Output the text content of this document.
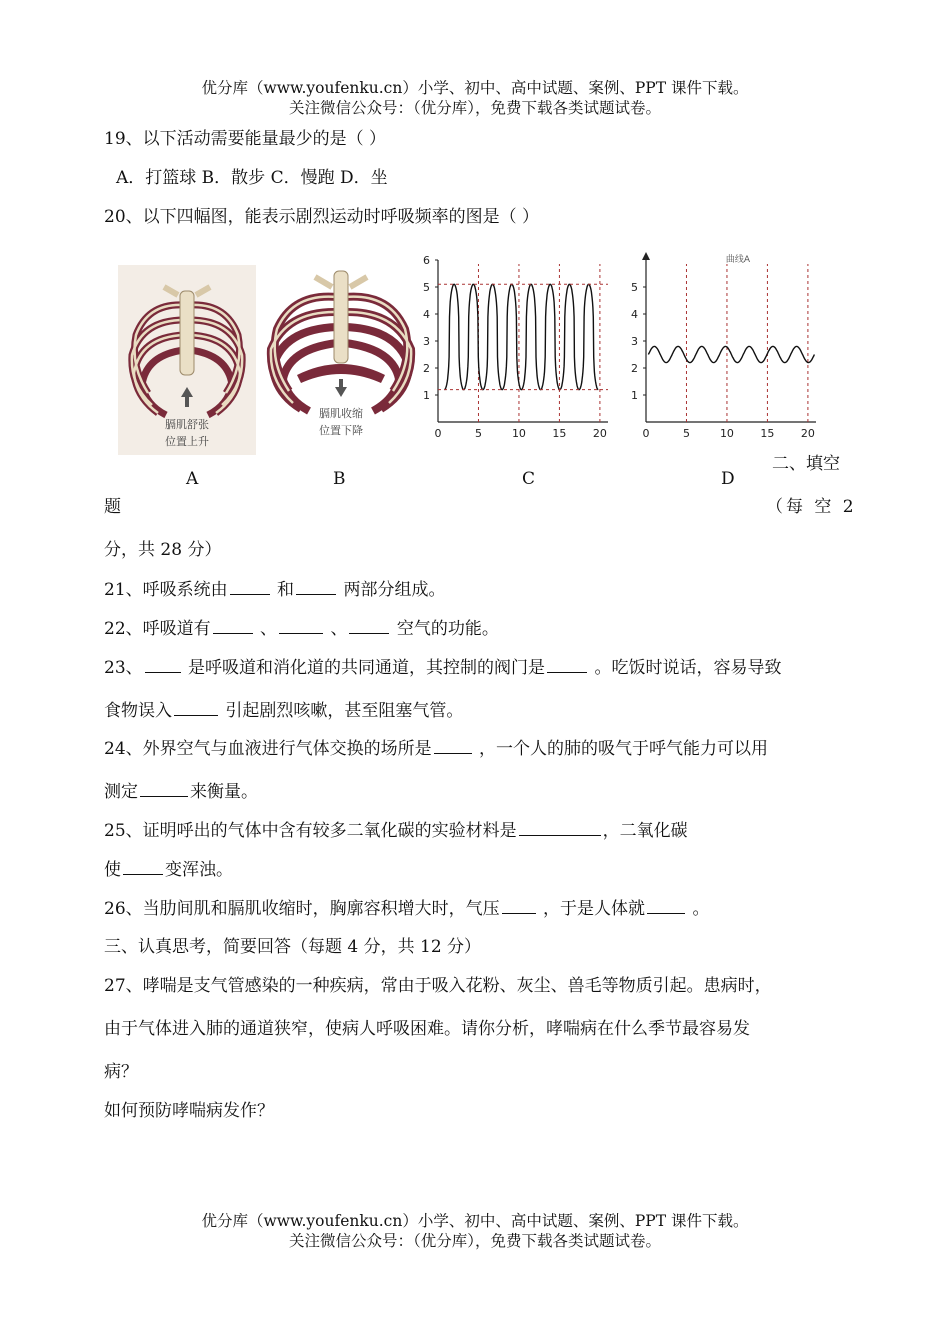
优分库（www.youfenku.cn）小学、初中、高中试题、案例、PPT 课件下载。
关注微信公众号：（优分库），免费下载各类试题试卷。
19、以下活动需要能量最少的是（ ）
A．打篮球 B．散步 C．慢跑 D．坐
20、以下四幅图，能表示剧烈运动时呼吸频率的图是（ ）
膈肌舒张
位置上升
膈肌收缩
位置下降	0	5	10 15 20
1
2
3
4
5
6
0	5	10 15 20
1
2
3
4
5
曲线A
A	B	C	D
二、填空
题	（每 空 2
分，共 28 分）
21、呼吸系统由	和	两部分组成。
22、呼吸道有	、	、	空气的功能。
23、 是呼吸道和消化道的共同通道，其控制的阀门是	。吃饭时说话，容易导致
食物误入	引起剧烈咳嗽，甚至阻塞气管。
24、外界空气与血液进行气体交换的场所是 ，一个人的肺的吸气于呼气能力可以用
测定	来衡量。
25、证明呼出的气体中含有较多二氧化碳的实验材料是	，二氧化碳
使	变浑浊。
26、当肋间肌和膈肌收缩时，胸廓容积增大时，气压 ，于是人体就 。
三、认真思考，简要回答（每题 4 分，共 12 分）
27、哮喘是支气管感染的一种疾病，常由于吸入花粉、灰尘、兽毛等物质引起。患病时，
由于气体进入肺的通道狭窄，使病人呼吸困难。请你分析，哮喘病在什么季节最容易发
病？
如何预防哮喘病发作？
优分库（www.youfenku.cn）小学、初中、高中试题、案例、PPT 课件下载。
关注微信公众号：（优分库），免费下载各类试题试卷。
